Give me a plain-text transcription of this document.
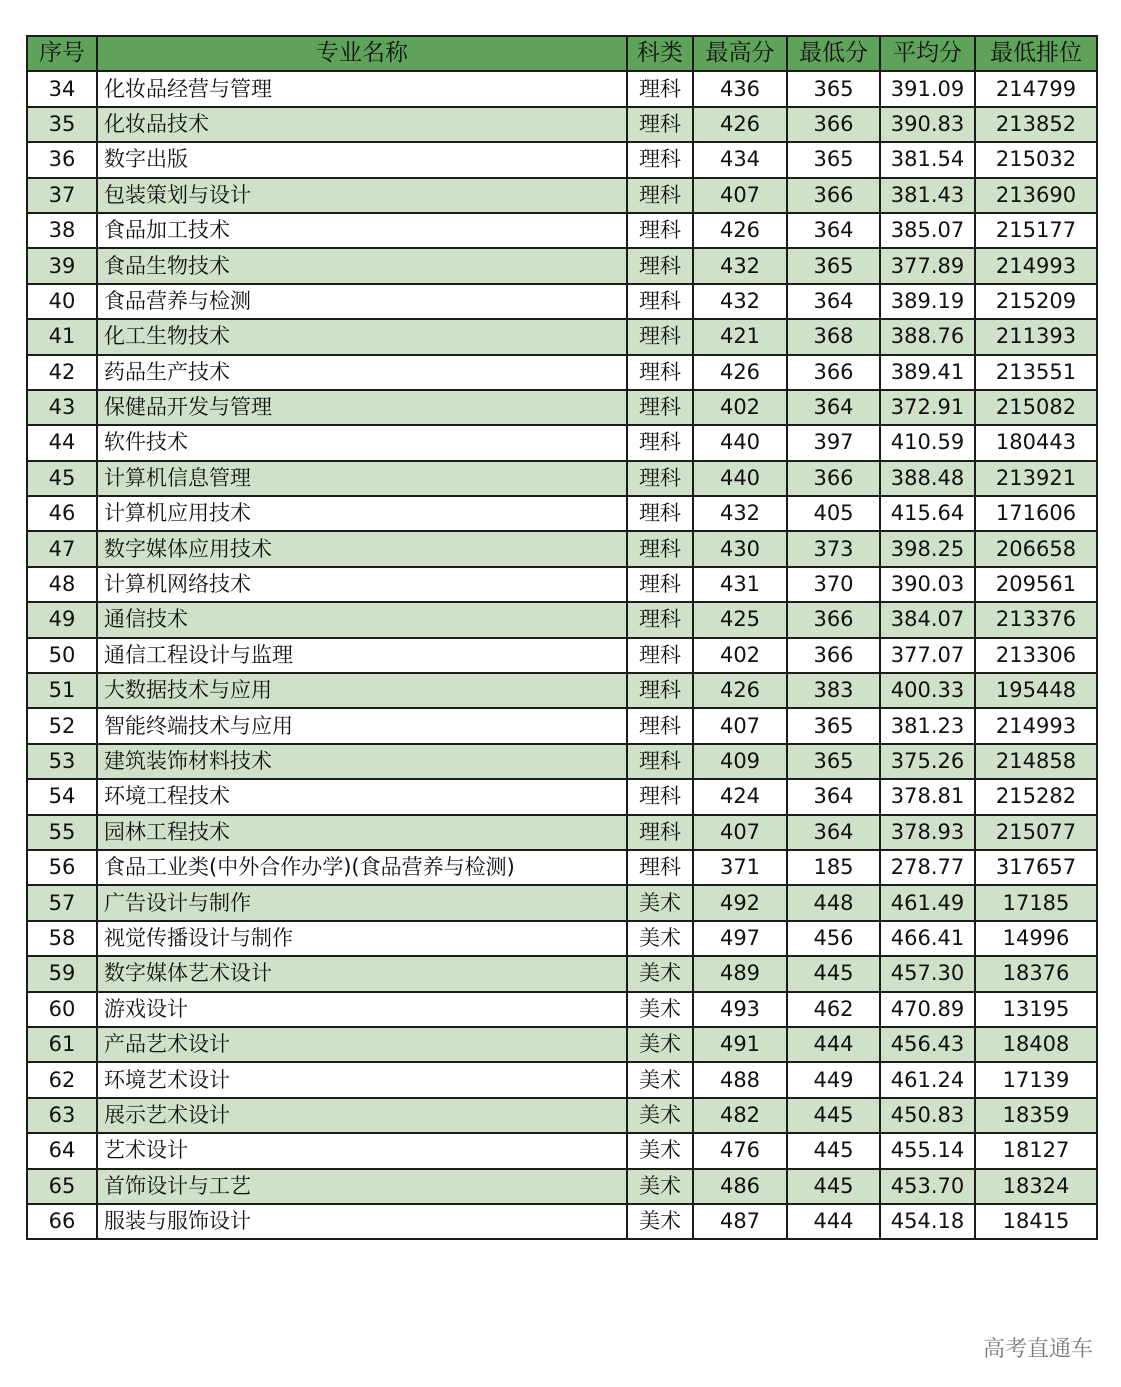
序号	专业名称	科类	最高分	最低分	平均分	最低排位
34	化妆品经营与管理	理科	436	365	391.09	214799
35	化妆品技术	理科	426	366	390.83	213852
36	数字出版	理科	434	365	381.54	215032
37	包装策划与设计	理科	407	366	381.43	213690
38	食品加工技术	理科	426	364	385.07	215177
39	食品生物技术	理科	432	365	377.89	214993
40	食品营养与检测	理科	432	364	389.19	215209
41	化工生物技术	理科	421	368	388.76	211393
42	药品生产技术	理科	426	366	389.41	213551
43	保健品开发与管理	理科	402	364	372.91	215082
44	软件技术	理科	440	397	410.59	180443
45	计算机信息管理	理科	440	366	388.48	213921
46	计算机应用技术	理科	432	405	415.64	171606
47	数字媒体应用技术	理科	430	373	398.25	206658
48	计算机网络技术	理科	431	370	390.03	209561
49	通信技术	理科	425	366	384.07	213376
50	通信工程设计与监理	理科	402	366	377.07	213306
51	大数据技术与应用	理科	426	383	400.33	195448
52	智能终端技术与应用	理科	407	365	381.23	214993
53	建筑装饰材料技术	理科	409	365	375.26	214858
54	环境工程技术	理科	424	364	378.81	215282
55	园林工程技术	理科	407	364	378.93	215077
56	食品工业类(中外合作办学)(食品营养与检测)	理科	371	185	278.77	317657
57	广告设计与制作	美术	492	448	461.49	17185
58	视觉传播设计与制作	美术	497	456	466.41	14996
59	数字媒体艺术设计	美术	489	445	457.30	18376
60	游戏设计	美术	493	462	470.89	13195
61	产品艺术设计	美术	491	444	456.43	18408
62	环境艺术设计	美术	488	449	461.24	17139
63	展示艺术设计	美术	482	445	450.83	18359
64	艺术设计	美术	476	445	455.14	18127
65	首饰设计与工艺	美术	486	445	453.70	18324
66	服装与服饰设计	美术	487	444	454.18	18415
高考直通车
